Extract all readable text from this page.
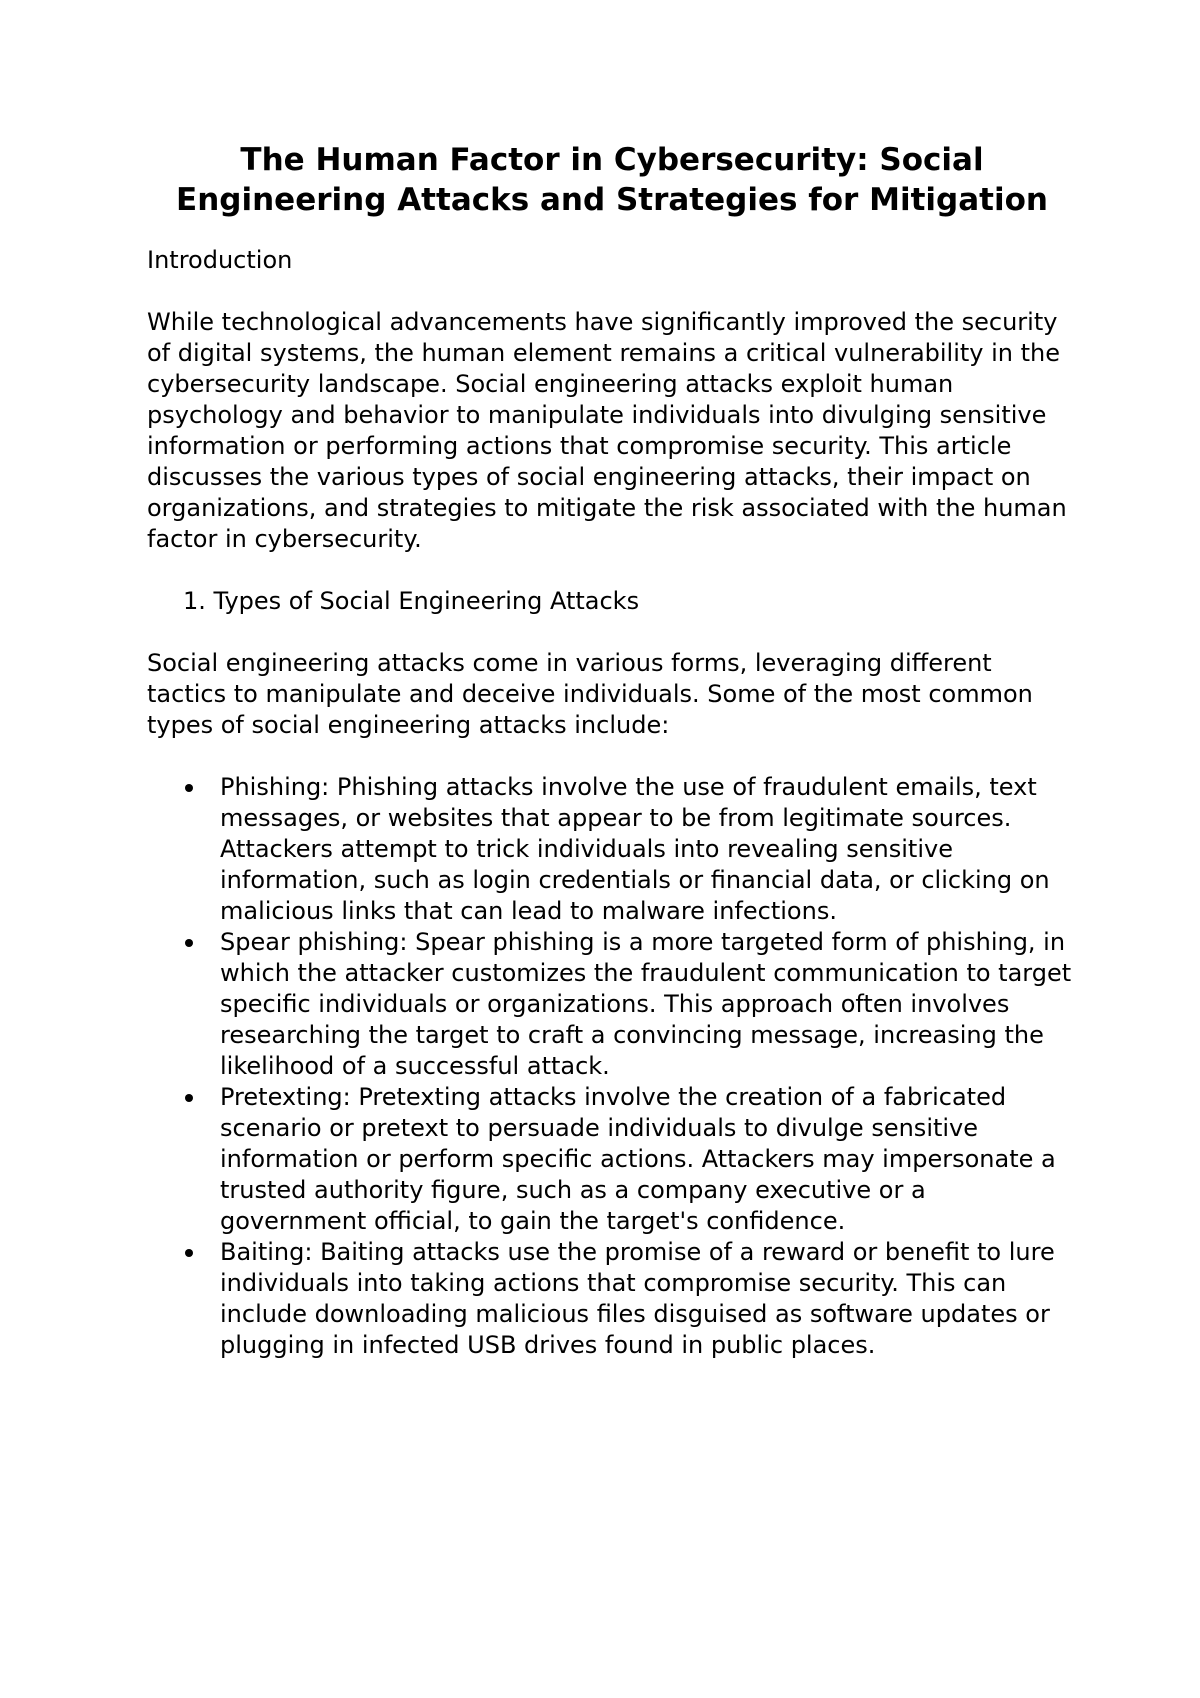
The Human Factor in Cybersecurity: Social Engineering Attacks and Strategies for Mitigation

Introduction

While technological advancements have significantly improved the security of digital systems, the human element remains a critical vulnerability in the cybersecurity landscape. Social engineering attacks exploit human psychology and behavior to manipulate individuals into divulging sensitive information or performing actions that compromise security. This article discusses the various types of social engineering attacks, their impact on organizations, and strategies to mitigate the risk associated with the human factor in cybersecurity.

1. Types of Social Engineering Attacks

Social engineering attacks come in various forms, leveraging different tactics to manipulate and deceive individuals. Some of the most common types of social engineering attacks include:

Phishing: Phishing attacks involve the use of fraudulent emails, text messages, or websites that appear to be from legitimate sources. Attackers attempt to trick individuals into revealing sensitive information, such as login credentials or financial data, or clicking on malicious links that can lead to malware infections.
Spear phishing: Spear phishing is a more targeted form of phishing, in which the attacker customizes the fraudulent communication to target specific individuals or organizations. This approach often involves researching the target to craft a convincing message, increasing the likelihood of a successful attack.
Pretexting: Pretexting attacks involve the creation of a fabricated scenario or pretext to persuade individuals to divulge sensitive information or perform specific actions. Attackers may impersonate a trusted authority figure, such as a company executive or a government official, to gain the target's confidence.
Baiting: Baiting attacks use the promise of a reward or benefit to lure individuals into taking actions that compromise security. This can include downloading malicious files disguised as software updates or plugging in infected USB drives found in public places.
